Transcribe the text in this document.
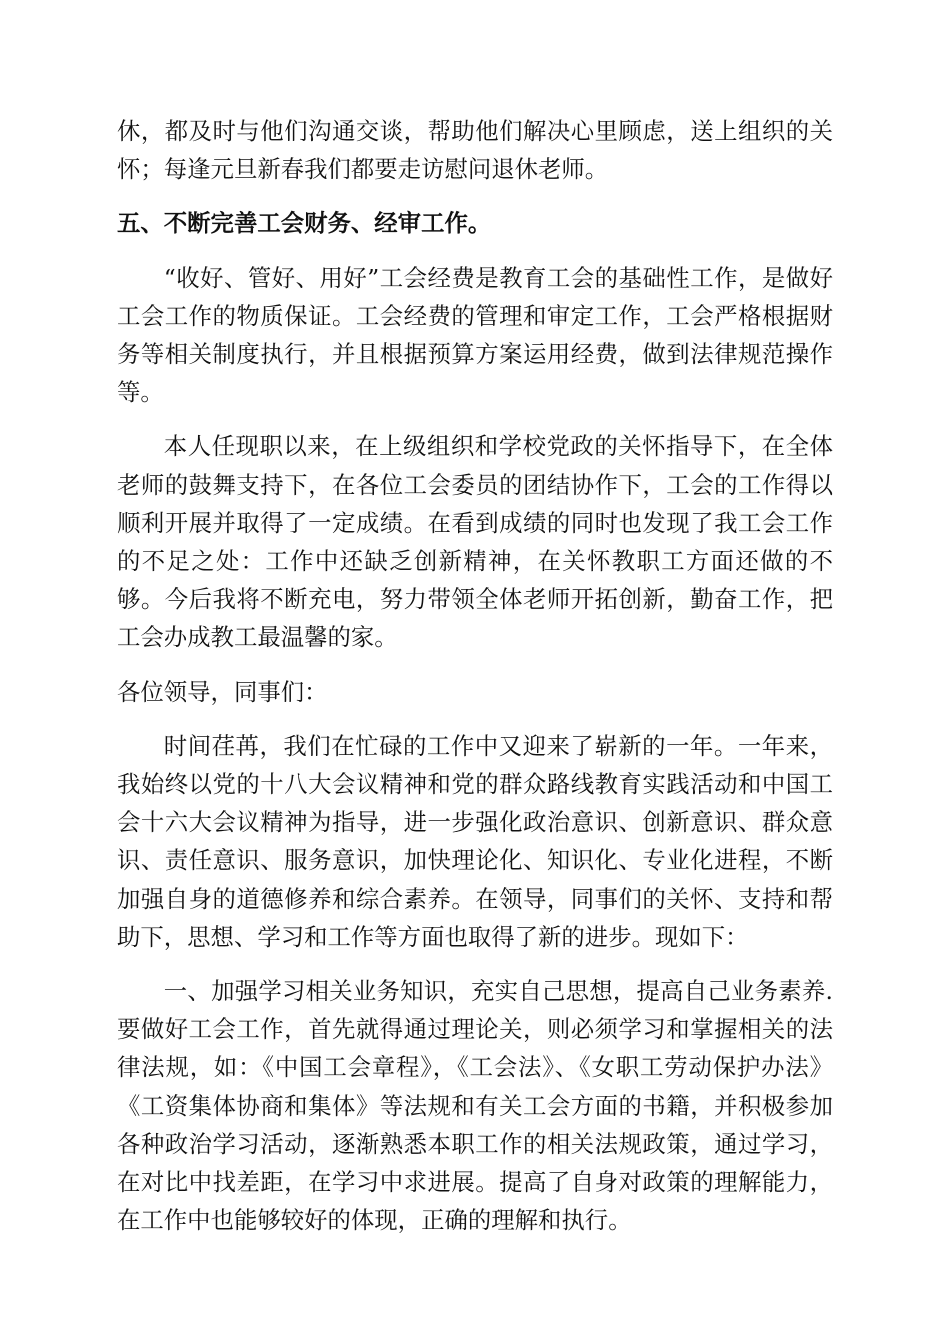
休，都及时与他们沟通交谈，帮助他们解决心里顾虑，送上组织的关怀；每逢元旦新春我们都要走访慰问退休老师。

五、不断完善工会财务、经审工作。

“收好、管好、用好”工会经费是教育工会的基础性工作，是做好工会工作的物质保证。工会经费的管理和审定工作，工会严格根据财务等相关制度执行，并且根据预算方案运用经费，做到法律规范操作等。

本人任现职以来，在上级组织和学校党政的关怀指导下，在全体老师的鼓舞支持下，在各位工会委员的团结协作下，工会的工作得以顺利开展并取得了一定成绩。在看到成绩的同时也发现了我工会工作的不足之处：工作中还缺乏创新精神，在关怀教职工方面还做的不够。今后我将不断充电，努力带领全体老师开拓创新，勤奋工作，把工会办成教工最温馨的家。

各位领导，同事们：

时间荏苒，我们在忙碌的工作中又迎来了崭新的一年。一年来，我始终以党的十八大会议精神和党的群众路线教育实践活动和中国工会十六大会议精神为指导，进一步强化政治意识、创新意识、群众意识、责任意识、服务意识，加快理论化、知识化、专业化进程，不断加强自身的道德修养和综合素养。在领导，同事们的关怀、支持和帮助下，思想、学习和工作等方面也取得了新的进步。现如下：

一、加强学习相关业务知识，充实自己思想，提高自己业务素养.要做好工会工作，首先就得通过理论关，则必须学习和掌握相关的法律法规，如：《中国工会章程》，《工会法》、《女职工劳动保护办法》《工资集体协商和集体》等法规和有关工会方面的书籍，并积极参加各种政治学习活动，逐渐熟悉本职工作的相关法规政策，通过学习，在对比中找差距，在学习中求进展。提高了自身对政策的理解能力，在工作中也能够较好的体现，正确的理解和执行。
